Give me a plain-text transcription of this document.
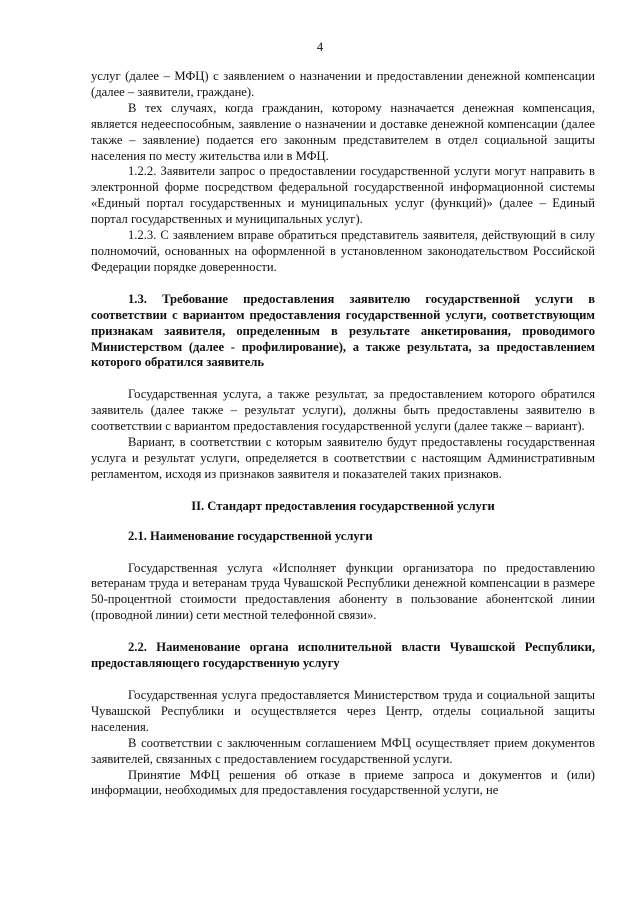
4

услуг (далее – МФЦ) с заявлением о назначении и предоставлении денежной компенсации (далее – заявители, граждане).

В тех случаях, когда гражданин, которому назначается денежная компенсация, является недееспособным, заявление о назначении и доставке денежной компенсации (далее также – заявление) подается его законным представителем в отдел социальной защиты населения по месту жительства или в МФЦ.

1.2.2. Заявители запрос о предоставлении государственной услуги могут направить в электронной форме посредством федеральной государственной информационной системы «Единый портал государственных и муниципальных услуг (функций)» (далее – Единый портал государственных и муниципальных услуг).

1.2.3. С заявлением вправе обратиться представитель заявителя, действующий в силу полномочий, основанных на оформленной в установленном законодательством Российской Федерации порядке доверенности.

1.3. Требование предоставления заявителю государственной услуги в соответствии с вариантом предоставления государственной услуги, соответствующим признакам заявителя, определенным в результате анкетирования, проводимого Министерством (далее - профилирование), а также результата, за предоставлением которого обратился заявитель

Государственная услуга, а также результат, за предоставлением которого обратился заявитель (далее также – результат услуги), должны быть предоставлены заявителю в соответствии с вариантом предоставления государственной услуги (далее также – вариант).

Вариант, в соответствии с которым заявителю будут предоставлены государственная услуга и результат услуги, определяется в соответствии с настоящим Административным регламентом, исходя из признаков заявителя и показателей таких признаков.

II. Стандарт предоставления государственной услуги

2.1. Наименование государственной услуги

Государственная услуга «Исполняет функции организатора по предоставлению ветеранам труда и ветеранам труда Чувашской Республики денежной компенсации в размере 50-процентной стоимости предоставления абоненту в пользование абонентской линии (проводной линии) сети местной телефонной связи».

2.2. Наименование органа исполнительной власти Чувашской Республики, предоставляющего государственную услугу

Государственная услуга предоставляется Министерством труда и социальной защиты Чувашской Республики и осуществляется через Центр, отделы социальной защиты населения.

В соответствии с заключенным соглашением МФЦ осуществляет прием документов заявителей, связанных с предоставлением государственной услуги.

Принятие МФЦ решения об отказе в приеме запроса и документов и (или) информации, необходимых для предоставления государственной услуги, не
